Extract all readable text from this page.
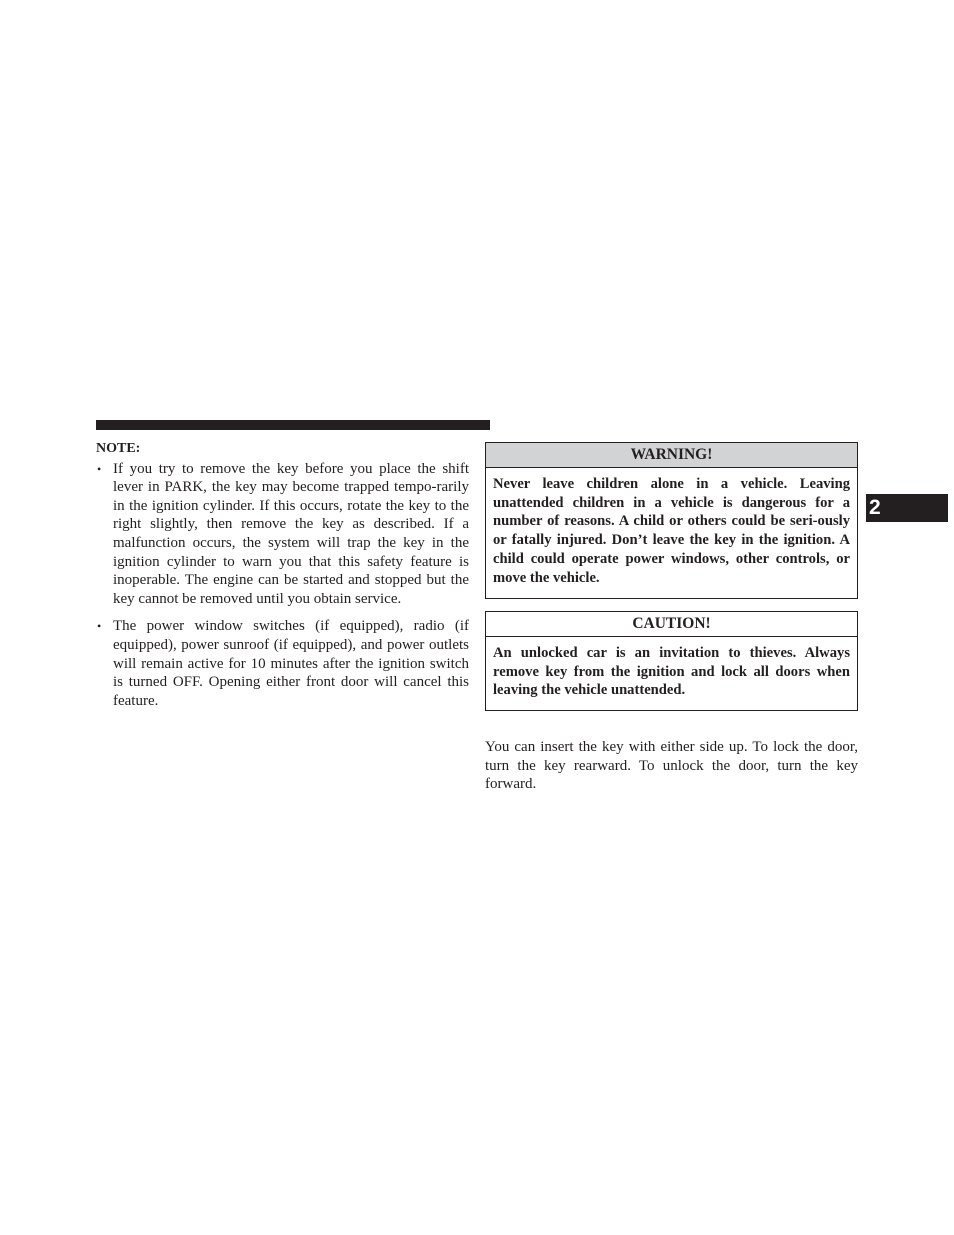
NOTE:
• If you try to remove the key before you place the shift lever in PARK, the key may become trapped tempo-rarily in the ignition cylinder. If this occurs, rotate the key to the right slightly, then remove the key as described. If a malfunction occurs, the system will trap the key in the ignition cylinder to warn you that this safety feature is inoperable. The engine can be started and stopped but the key cannot be removed until you obtain service.
• The power window switches (if equipped), radio (if equipped), power sunroof (if equipped), and power outlets will remain active for 10 minutes after the ignition switch is turned OFF. Opening either front door will cancel this feature.
WARNING!
Never leave children alone in a vehicle. Leaving unattended children in a vehicle is dangerous for a number of reasons. A child or others could be seri-ously or fatally injured. Don’t leave the key in the ignition. A child could operate power windows, other controls, or move the vehicle.
CAUTION!
An unlocked car is an invitation to thieves. Always remove key from the ignition and lock all doors when leaving the vehicle unattended.
You can insert the key with either side up. To lock the door, turn the key rearward. To unlock the door, turn the key forward.
2
